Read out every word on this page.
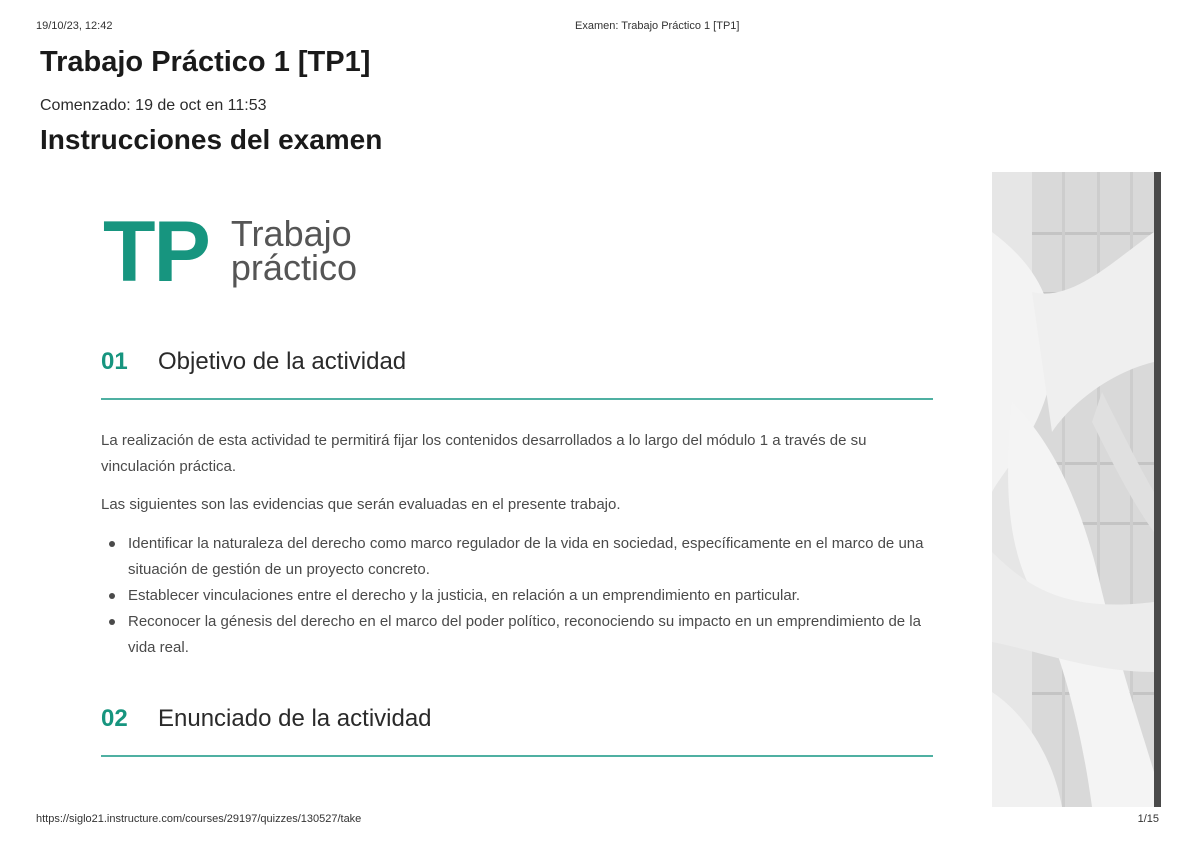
19/10/23, 12:42	Examen: Trabajo Práctico 1 [TP1]
Trabajo Práctico 1 [TP1]
Comenzado: 19 de oct en 11:53
Instrucciones del examen
TP Trabajo
práctico
01	Objetivo de la actividad

La realización de esta actividad te permitirá fijar los contenidos desarrollados a lo largo del módulo 1 a través de su vinculación práctica.

Las siguientes son las evidencias que serán evaluadas en el presente trabajo.

Identificar la naturaleza del derecho como marco regulador de la vida en sociedad, específicamente en el marco de una situación de gestión de un proyecto concreto.
Establecer vinculaciones entre el derecho y la justicia, en relación a un emprendimiento en particular.
Reconocer la génesis del derecho en el marco del poder político, reconociendo su impacto en un emprendimiento de la vida real.
02	Enunciado de la actividad
https://siglo21.instructure.com/courses/29197/quizzes/130527/take	1/15
